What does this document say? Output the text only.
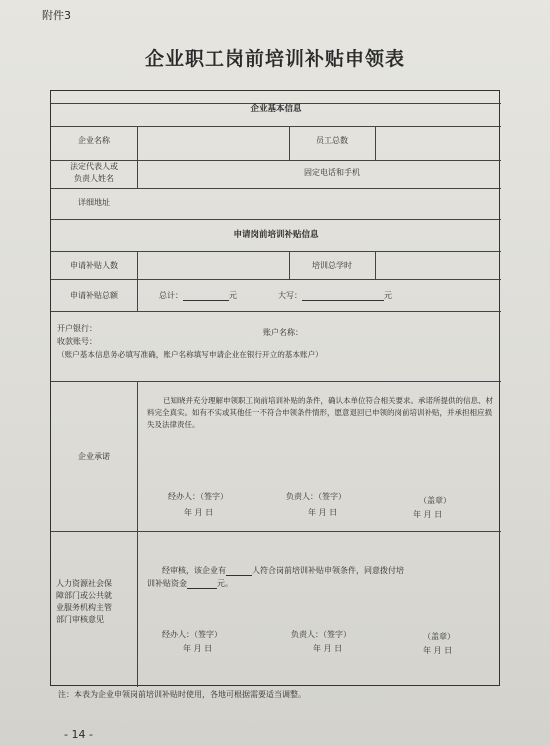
附件3
企业职工岗前培训补贴申领表
企业基本信息
企业名称	员工总数
法定代表人或
负责人姓名
固定电话和手机
详细地址
申请岗前培训补贴信息
申请补贴人数	培训总学时
申请补贴总额	总计：	元	大写：	元
开户银行：	账户名称：
收款账号：
（账户基本信息务必填写准确，账户名称填写申请企业在银行开立的基本账户）
企业承诺
已知晓并充分理解申领职工岗前培训补贴的条件，确认本单位符合相关要求。承诺所提供的信息、材料完全真实。如有不实或其他任一不符合申领条件情形，愿意退回已申领的岗前培训补贴，并承担相应损失及法律责任。
经办人：（签字）	负责人：（签字）	（盖章）
年 月 日	年 月 日	年 月 日
人力资源社会保
障部门或公共就
业服务机构主管
部门审核意见
经审核，该企业有	人符合岗前培训补贴申领条件，同意拨付培
训补贴资金	元。
经办人：（签字）	负责人：（签字）	（盖章）
年 月 日	年 月 日	年 月 日
注：本表为企业申领岗前培训补贴时使用，各地可根据需要适当调整。
- 14 -
